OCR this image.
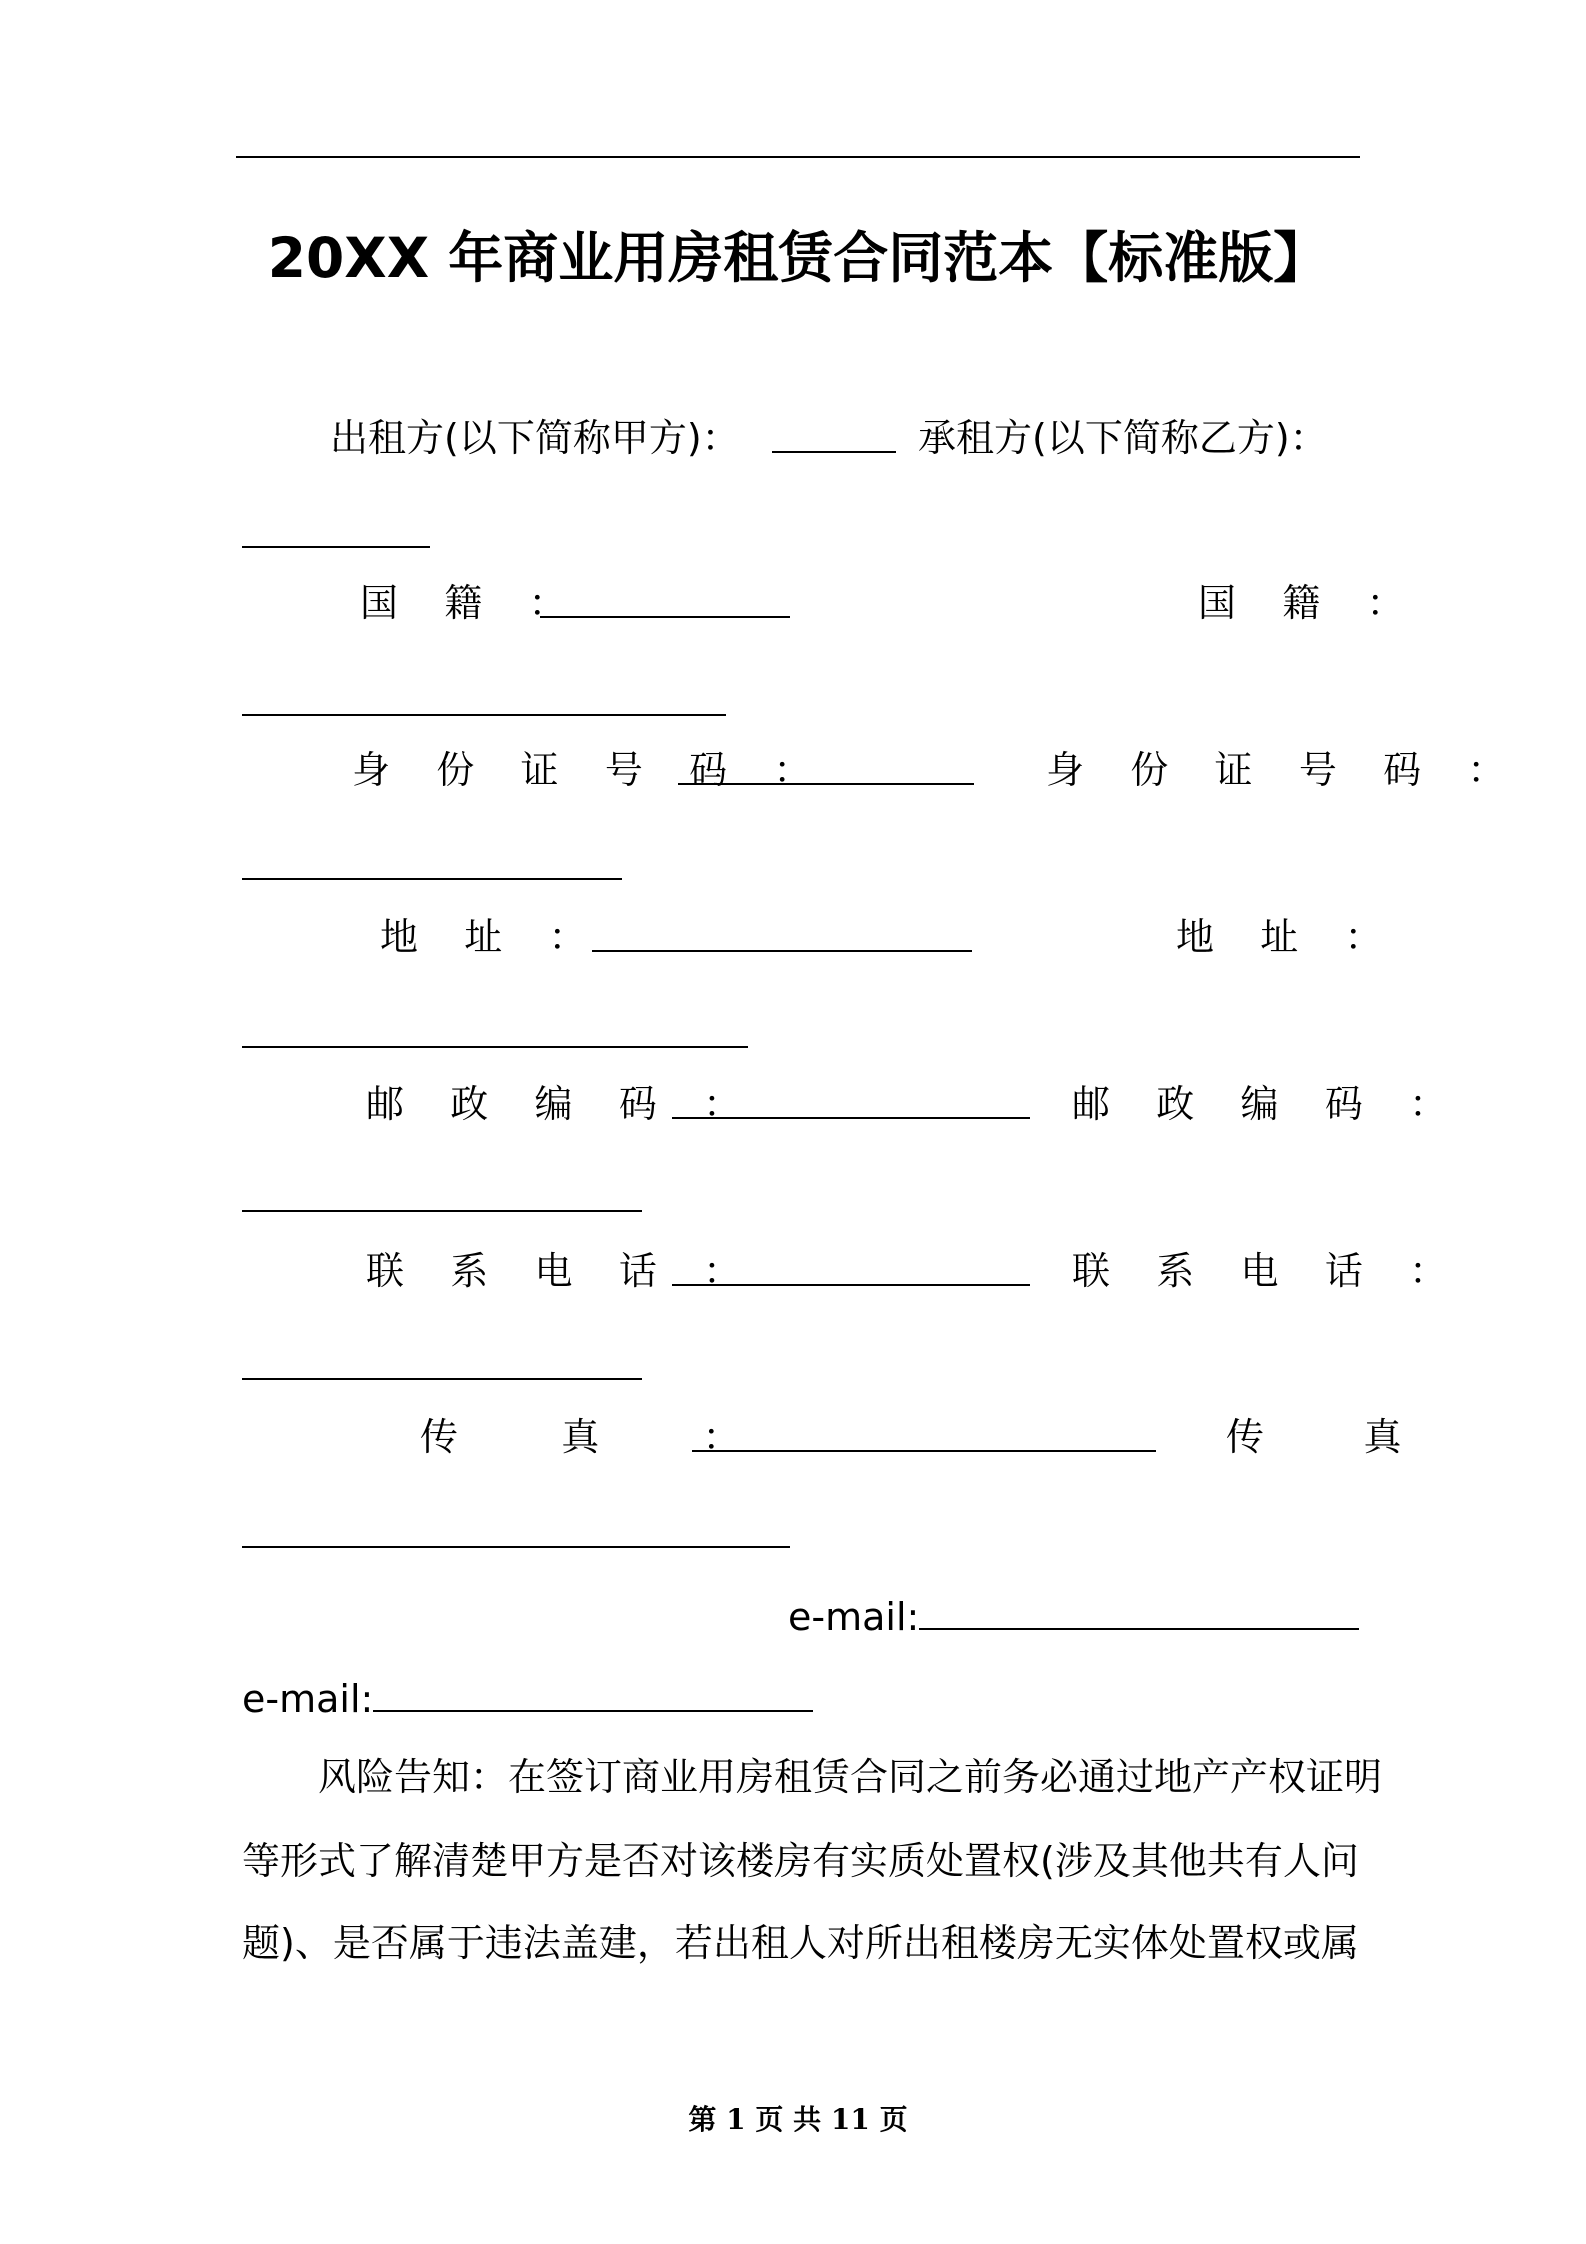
20XX 年商业用房租赁合同范本【标准版】
出租方(以下简称甲方)：	承租方(以下简称乙方)：
国 籍 ：	国 籍 ：
身 份 证 号 码 ：	身 份 证 号 码 ：
地 址 ：	地 址 ：
邮 政 编 码 ：	邮 政 编 码 ：
联 系 电 话 ：	联 系 电 话 ：
传 真 ：	传 真
e-mail:
e-mail:
风险告知：在签订商业用房租赁合同之前务必通过地产产权证明
等形式了解清楚甲方是否对该楼房有实质处置权(涉及其他共有人问
题)、是否属于违法盖建，若出租人对所出租楼房无实体处置权或属
第 1 页 共 11 页
